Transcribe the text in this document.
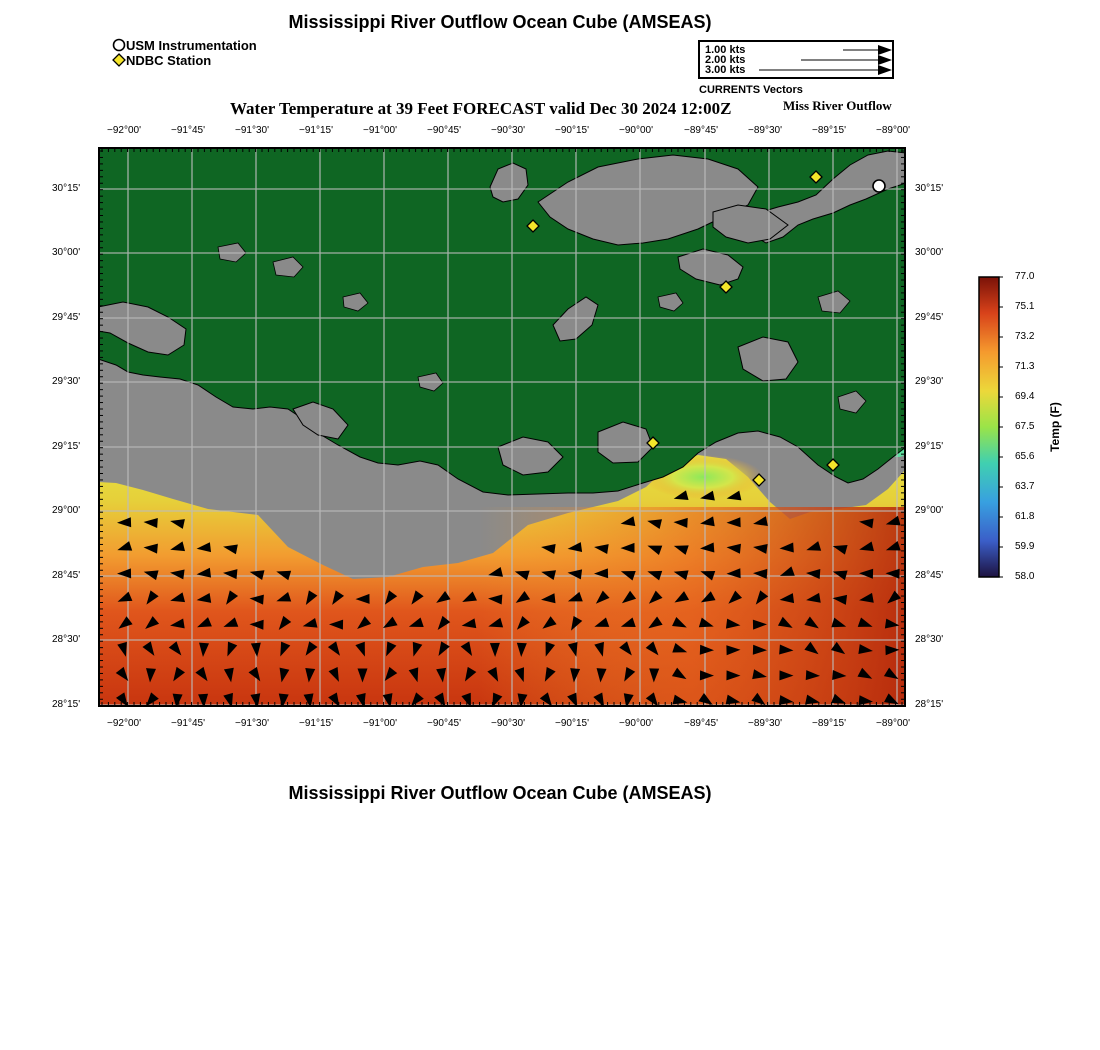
Mississippi River Outflow Ocean Cube (AMSEAS)
USM Instrumentation
NDBC Station
1.00 kts
2.00 kts
3.00 kts
CURRENTS Vectors
Water Temperature at 39 Feet FORECAST valid Dec 30 2024 12:00Z	Miss River Outflow
−92°00'	−91°45'	−91°30'	−91°15'	−91°00'	−90°45'	−90°30'	−90°15'	−90°00'	−89°45'	−89°30'	−89°15'	−89°00'
−92°00'	−91°45'	−91°30'	−91°15'	−91°00'	−90°45'	−90°30'	−90°15'	−90°00'	−89°45'	−89°30'	−89°15'	−89°00'
30°15'
30°00'
29°45'
29°30'
29°15'
29°00'
28°45'
28°30'
28°15'
30°15'
30°00'
29°45'
29°30'
29°15'
29°00'
28°45'
28°30'
28°15'
77.0
75.1
73.2
71.3
69.4
67.5
65.6
63.7
61.8
59.9
58.0
Temp (F)
Mississippi River Outflow Ocean Cube (AMSEAS)
